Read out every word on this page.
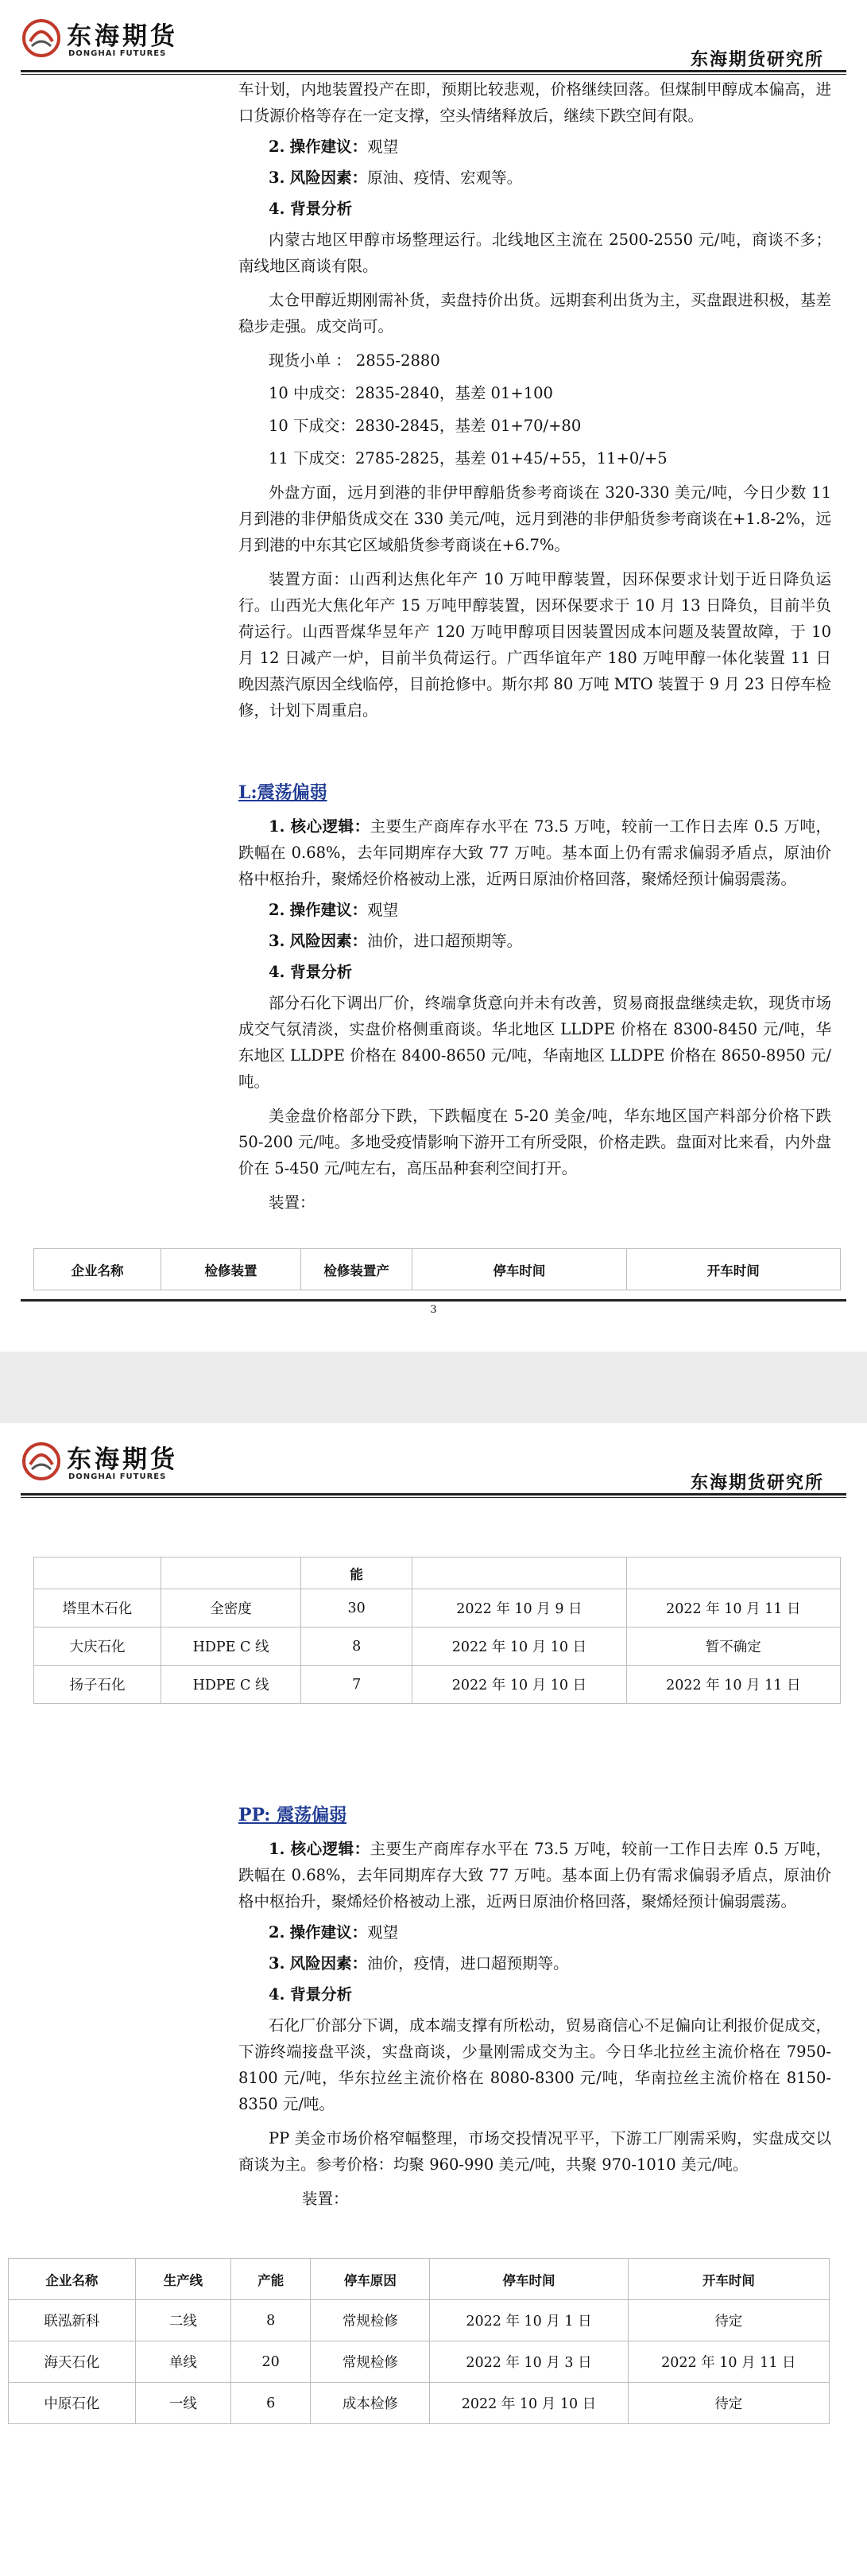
东海期货
DONGHAI FUTURES	东海期货研究所

车计划，内地装置投产在即，预期比较悲观，价格继续回落。但煤制甲醇成本偏高，进口货源价格等存在一定支撑，空头情绪释放后，继续下跌空间有限。

2. 操作建议：观望

3. 风险因素：原油、疫情、宏观等。

4. 背景分析

内蒙古地区甲醇市场整理运行。北线地区主流在 2500-2550 元/吨，商谈不多；南线地区商谈有限。

太仓甲醇近期刚需补货，卖盘持价出货。远期套利出货为主，买盘跟进积极，基差稳步走强。成交尚可。

现货小单 ： 2855-2880

10 中成交：2835-2840，基差 01+100

10 下成交：2830-2845，基差 01+70/+80

11 下成交：2785-2825，基差 01+45/+55，11+0/+5

外盘方面，远月到港的非伊甲醇船货参考商谈在 320-330 美元/吨，今日少数 11 月到港的非伊船货成交在 330 美元/吨，远月到港的非伊船货参考商谈在+1.8-2%，远月到港的中东其它区域船货参考商谈在+6.7%。

装置方面：山西利达焦化年产 10 万吨甲醇装置，因环保要求计划于近日降负运行。山西光大焦化年产 15 万吨甲醇装置，因环保要求于 10 月 13 日降负，目前半负荷运行。山西晋煤华昱年产 120 万吨甲醇项目因装置因成本问题及装置故障，于 10 月 12 日减产一炉，目前半负荷运行。广西华谊年产 180 万吨甲醇一体化装置 11 日晚因蒸汽原因全线临停，目前抢修中。斯尔邦 80 万吨 MTO 装置于 9 月 23 日停车检修，计划下周重启。

L:震荡偏弱

1. 核心逻辑：主要生产商库存水平在 73.5 万吨，较前一工作日去库 0.5 万吨，跌幅在 0.68%，去年同期库存大致 77 万吨。基本面上仍有需求偏弱矛盾点，原油价格中枢抬升，聚烯烃价格被动上涨，近两日原油价格回落，聚烯烃预计偏弱震荡。

2. 操作建议：观望

3. 风险因素：油价，进口超预期等。

4. 背景分析

部分石化下调出厂价，终端拿货意向并未有改善，贸易商报盘继续走软，现货市场成交气氛清淡，实盘价格侧重商谈。华北地区 LLDPE 价格在 8300-8450 元/吨，华东地区 LLDPE 价格在 8400-8650 元/吨，华南地区 LLDPE 价格在 8650-8950 元/吨。

美金盘价格部分下跌，下跌幅度在 5-20 美金/吨，华东地区国产料部分价格下跌 50-200 元/吨。多地受疫情影响下游开工有所受限，价格走跌。盘面对比来看，内外盘价在 5-450 元/吨左右，高压品种套利空间打开。

装置：

企业名称	检修装置	检修装置产	停车时间	开车时间
3
东海期货
DONGHAI FUTURES	东海期货研究所
		能		
塔里木石化	全密度	30	2022 年 10 月 9 日	2022 年 10 月 11 日
大庆石化	HDPE C 线	8	2022 年 10 月 10 日	暂不确定
扬子石化	HDPE C 线	7	2022 年 10 月 10 日	2022 年 10 月 11 日
PP: 震荡偏弱

1. 核心逻辑：主要生产商库存水平在 73.5 万吨，较前一工作日去库 0.5 万吨，跌幅在 0.68%，去年同期库存大致 77 万吨。基本面上仍有需求偏弱矛盾点，原油价格中枢抬升，聚烯烃价格被动上涨，近两日原油价格回落，聚烯烃预计偏弱震荡。

2. 操作建议：观望

3. 风险因素：油价，疫情，进口超预期等。

4. 背景分析

石化厂价部分下调，成本端支撑有所松动，贸易商信心不足偏向让利报价促成交，下游终端接盘平淡，实盘商谈，少量刚需成交为主。今日华北拉丝主流价格在 7950-8100 元/吨，华东拉丝主流价格在 8080-8300 元/吨，华南拉丝主流价格在 8150-8350 元/吨。

PP 美金市场价格窄幅整理，市场交投情况平平，下游工厂刚需采购，实盘成交以商谈为主。参考价格：均聚 960-990 美元/吨，共聚 970-1010 美元/吨。

装置：

企业名称	生产线	产能	停车原因	停车时间	开车时间
联泓新科	二线	8	常规检修	2022 年 10 月 1 日	待定
海天石化	单线	20	常规检修	2022 年 10 月 3 日	2022 年 10 月 11 日
中原石化	一线	6	成本检修	2022 年 10 月 10 日	待定
